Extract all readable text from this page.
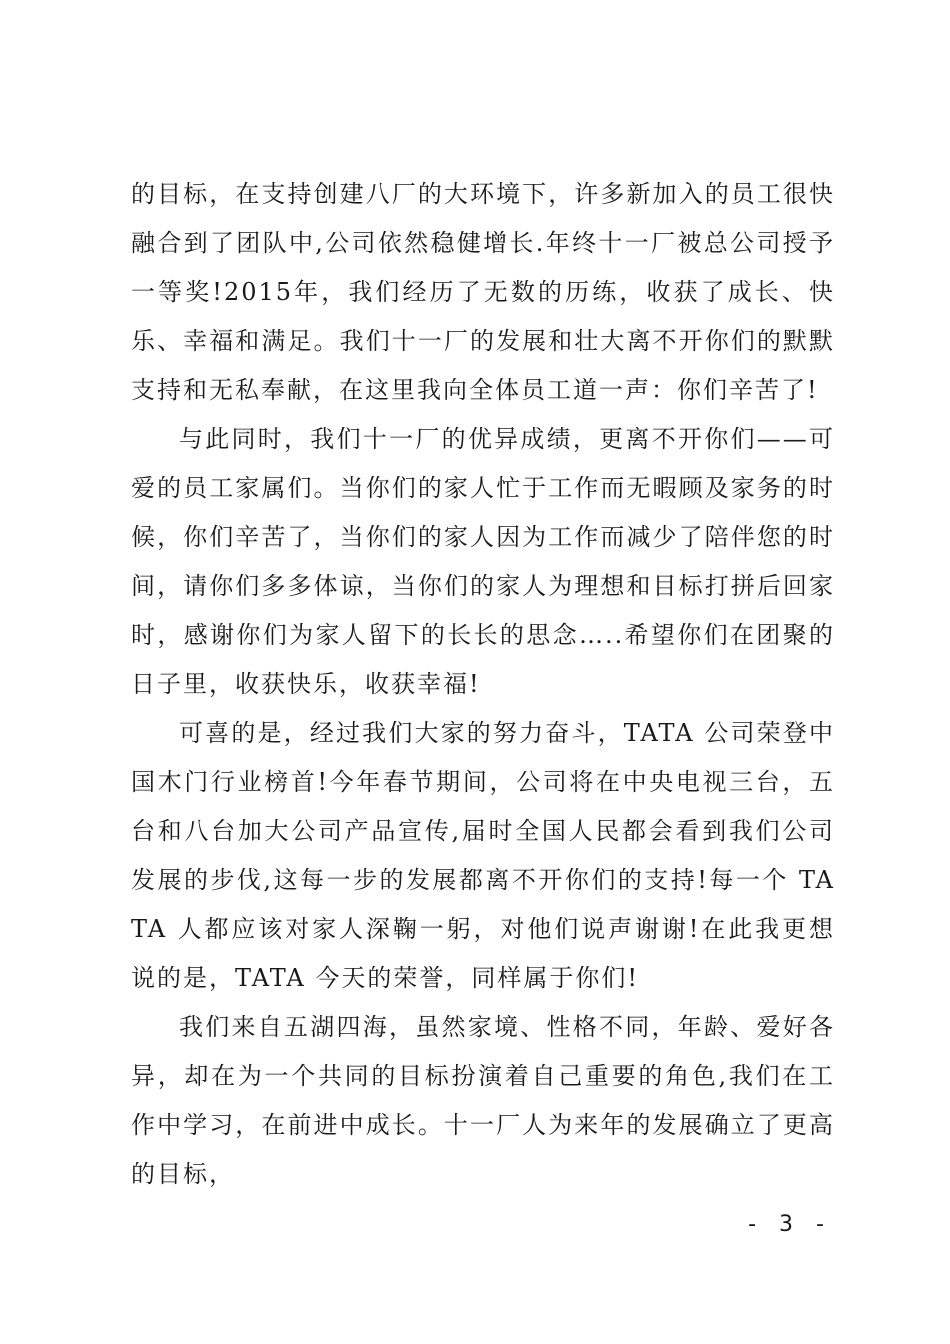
的目标，在支持创建八厂的大环境下，许多新加入的员工很快融合到了团队中,公司依然稳健增长.年终十一厂被总公司授予一等奖!2015年，我们经历了无数的历练，收获了成长、快乐、幸福和满足。我们十一厂的发展和壮大离不开你们的默默支持和无私奉献，在这里我向全体员工道一声：你们辛苦了!

与此同时，我们十一厂的优异成绩，更离不开你们——可爱的员工家属们。当你们的家人忙于工作而无暇顾及家务的时候，你们辛苦了，当你们的家人因为工作而减少了陪伴您的时间，请你们多多体谅，当你们的家人为理想和目标打拼后回家时，感谢你们为家人留下的长长的思念…..希望你们在团聚的日子里，收获快乐，收获幸福!

可喜的是，经过我们大家的努力奋斗，TATA 公司荣登中国木门行业榜首!今年春节期间，公司将在中央电视三台，五台和八台加大公司产品宣传,届时全国人民都会看到我们公司发展的步伐,这每一步的发展都离不开你们的支持!每一个 TATA 人都应该对家人深鞠一躬，对他们说声谢谢!在此我更想说的是，TATA 今天的荣誉，同样属于你们!

我们来自五湖四海，虽然家境、性格不同，年龄、爱好各异，却在为一个共同的目标扮演着自己重要的角色,我们在工作中学习，在前进中成长。十一厂人为来年的发展确立了更高的目标，

- 3 -
